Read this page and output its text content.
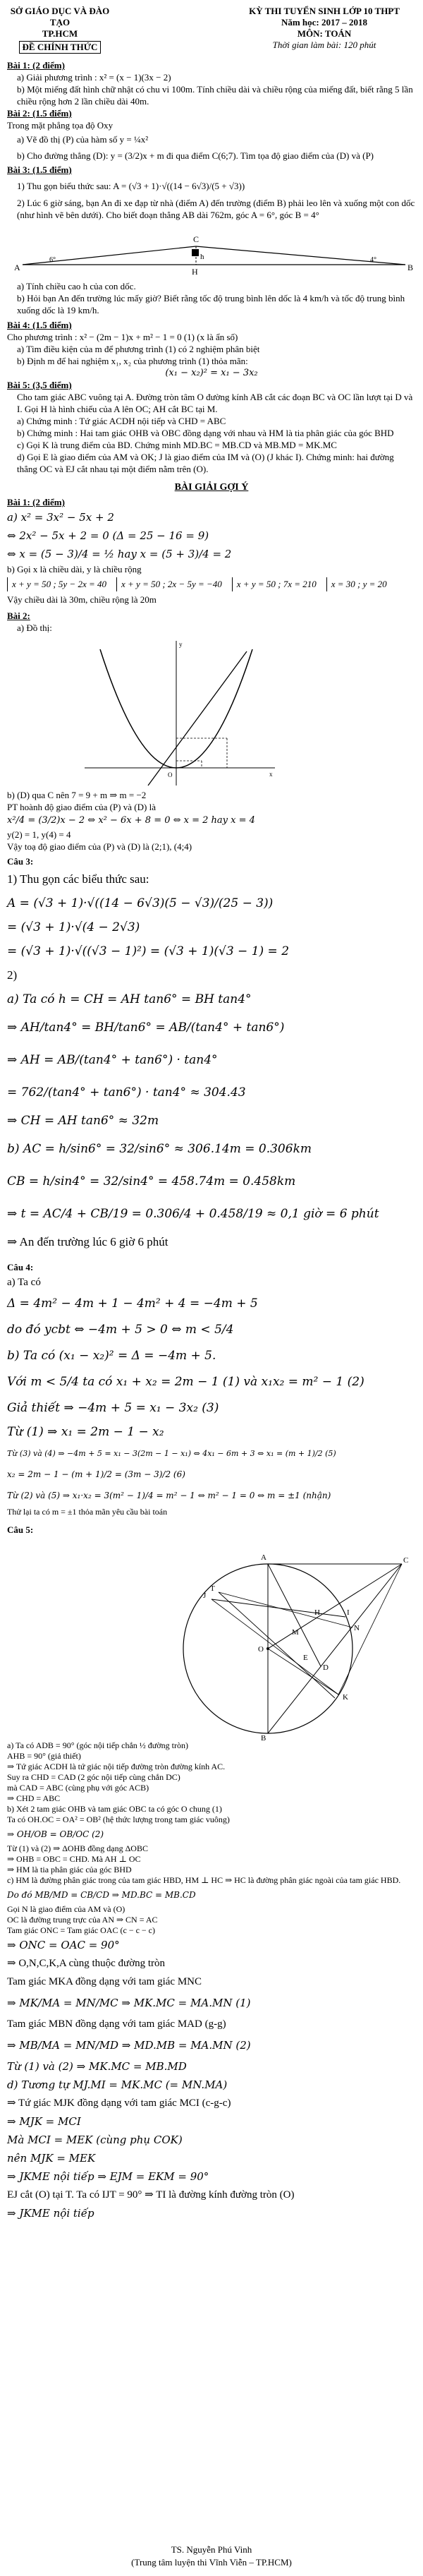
SỞ GIÁO DỤC VÀ ĐÀO TẠO
TP.HCM
ĐỀ CHÍNH THỨC
KỲ THI TUYỂN SINH LỚP 10 THPT
Năm học: 2017 – 2018
MÔN: TOÁN
Thời gian làm bài: 120 phút
Bài 1: (2 điểm)
a) Giải phương trình : x² = (x − 1)(3x − 2)
b) Một miếng đất hình chữ nhật có chu vi 100m. Tính chiều dài và chiều rộng của miếng đất, biết rằng 5 lần chiều rộng hơn 2 lần chiều dài 40m.
Bài 2: (1.5 điểm)
Trong mặt phẳng tọa độ Oxy
a) Vẽ đồ thị (P) của hàm số y = ¼x²
b) Cho đường thẳng (D): y = (3/2)x + m đi qua điểm C(6;7). Tìm tọa độ giao điểm của (D) và (P)
Bài 3: (1.5 điểm)
1) Thu gọn biểu thức sau: A = (√3 + 1)·√((14 − 6√3)/(5 + √3))
2) Lúc 6 giờ sáng, bạn An đi xe đạp từ nhà (điểm A) đến trường (điểm B) phải leo lên và xuống một con dốc (như hình vẽ bên dưới). Cho biết đoạn thẳng AB dài 762m, góc A = 6°, góc B = 4°
C
h
H
A	B
6°	4°
a) Tính chiều cao h của con dốc.
b) Hỏi bạn An đến trường lúc mấy giờ? Biết rằng tốc độ trung bình lên dốc là 4 km/h và tốc độ trung bình xuống dốc là 19 km/h.
Bài 4: (1.5 điểm)
Cho phương trình : x² − (2m − 1)x + m² − 1 = 0 (1) (x là ẩn số)
a) Tìm điều kiện của m để phương trình (1) có 2 nghiệm phân biệt
b) Định m để hai nghiệm x₁, x₂ của phương trình (1) thỏa mãn:
(x₁ − x₂)² = x₁ − 3x₂
Bài 5: (3,5 điểm)
Cho tam giác ABC vuông tại A. Đường tròn tâm O đường kính AB cắt các đoạn BC và OC lần lượt tại D và I. Gọi H là hình chiếu của A lên OC; AH cắt BC tại M.
a) Chứng minh : Tứ giác ACDH nội tiếp và CHD = ABC
b) Chứng minh : Hai tam giác OHB và OBC đồng dạng với nhau và HM là tia phân giác của góc BHD
c) Gọi K là trung điểm của BD. Chứng minh MD.BC = MB.CD và MB.MD = MK.MC
d) Gọi E là giao điểm của AM và OK; J là giao điểm của IM và (O) (J khác I). Chứng minh: hai đường thẳng OC và EJ cắt nhau tại một điểm nằm trên (O).
BÀI GIẢI GỢI Ý
Bài 1: (2 điểm)
a) x² = 3x² − 5x + 2
⇔ 2x² − 5x + 2 = 0 (Δ = 25 − 16 = 9)
⇔ x = (5 − 3)/4 = ½ hay x = (5 + 3)/4 = 2
b) Gọi x là chiều dài, y là chiều rộng
x + y = 50 ; 5y − 2x = 40	x + y = 50 ; 2x − 5y = −40	x + y = 50 ; 7x = 210	x = 30 ; y = 20
Vậy chiều dài là 30m, chiều rộng là 20m
Bài 2:
a) Đồ thị:
O	x
y
b) (D) qua C nên 7 = 9 + m ⇒ m = −2
PT hoành độ giao điểm của (P) và (D) là
x²/4 = (3/2)x − 2 ⇔ x² − 6x + 8 = 0 ⇔ x = 2 hay x = 4
y(2) = 1, y(4) = 4
Vậy toạ độ giao điểm của (P) và (D) là (2;1), (4;4)
Câu 3:
1) Thu gọn các biểu thức sau:
A = (√3 + 1)·√((14 − 6√3)(5 − √3)/(25 − 3))
= (√3 + 1)·√(4 − 2√3)
= (√3 + 1)·√((√3 − 1)²) = (√3 + 1)(√3 − 1) = 2
2)
a) Ta có h = CH = AH tan6° = BH tan4°
⇒ AH/tan4° = BH/tan6° = AB/(tan4° + tan6°)
⇒ AH = AB/(tan4° + tan6°) · tan4°
= 762/(tan4° + tan6°) · tan4° ≈ 304.43
⇒ CH = AH tan6° ≈ 32m
b) AC = h/sin6° = 32/sin6° ≈ 306.14m = 0.306km
CB = h/sin4° = 32/sin4° = 458.74m = 0.458km
⇒ t = AC/4 + CB/19 = 0.306/4 + 0.458/19 ≈ 0,1 giờ = 6 phút
⇒ An đến trường lúc 6 giờ 6 phút
Câu 4:
a) Ta có
Δ = 4m² − 4m + 1 − 4m² + 4 = −4m + 5
do đó ycbt ⇔ −4m + 5 > 0 ⇔ m < 5/4
b) Ta có (x₁ − x₂)² = Δ = −4m + 5.
Với m < 5/4 ta có x₁ + x₂ = 2m − 1 (1) và x₁x₂ = m² − 1 (2)
Giả thiết ⇒ −4m + 5 = x₁ − 3x₂ (3)
Từ (1) ⇒ x₁ = 2m − 1 − x₂
Từ (3) và (4) ⇒ −4m + 5 = x₁ − 3(2m − 1 − x₁) ⇔ 4x₁ − 6m + 3 ⇔ x₁ = (m + 1)/2 (5)
x₂ = 2m − 1 − (m + 1)/2 = (3m − 3)/2 (6)
Từ (2) và (5) ⇒ x₁·x₂ = 3(m² − 1)/4 = m² − 1 ⇔ m² − 1 = 0 ⇔ m = ±1 (nhận)
Thử lại ta có m = ±1 thỏa mãn yêu cầu bài toán
Câu 5:
A	C
B
O
D
H
K
I
J
M	N
T
E
a) Ta có ADB = 90° (góc nội tiếp chắn ½ đường tròn)
AHB = 90° (giả thiết)
⇒ Tứ giác ACDH là tứ giác nội tiếp đường tròn đường kính AC.
Suy ra CHD = CAD (2 góc nội tiếp cùng chắn DC)
mà CAD = ABC (cùng phụ với góc ACB)
⇒ CHD = ABC
b) Xét 2 tam giác OHB và tam giác OBC ta có góc O chung (1)
Ta có OH.OC = OA² = OB² (hệ thức lượng trong tam giác vuông)
⇒ OH/OB = OB/OC (2)
Từ (1) và (2) ⇒ ΔOHB đồng dạng ΔOBC
⇒ OHB = OBC = CHD. Mà AH ⊥ OC
⇒ HM là tia phân giác của góc BHD
c) HM là đường phân giác trong của tam giác HBD, HM ⊥ HC ⇒ HC là đường phân giác ngoài của tam giác HBD.
Do đó MB/MD = CB/CD ⇒ MD.BC = MB.CD
Gọi N là giao điểm của AM và (O)
OC là đường trung trực của AN ⇒ CN = AC
Tam giác ONC = Tam giác OAC (c − c − c)
⇒ ONC = OAC = 90°
⇒ O,N,C,K,A cùng thuộc đường tròn
Tam giác MKA đồng dạng với tam giác MNC
⇒ MK/MA = MN/MC ⇒ MK.MC = MA.MN (1)
Tam giác MBN đồng dạng với tam giác MAD (g-g)
⇒ MB/MA = MN/MD ⇒ MD.MB = MA.MN (2)
Từ (1) và (2) ⇒ MK.MC = MB.MD
d) Tương tự MJ.MI = MK.MC (= MN.MA)
⇒ Tứ giác MJK đồng dạng với tam giác MCI (c-g-c)
⇒ MJK = MCI
Mà MCI = MEK (cùng phụ COK)
nên MJK = MEK
⇒ JKME nội tiếp ⇒ EJM = EKM = 90°
EJ cắt (O) tại T. Ta có IJT = 90° ⇒ TI là đường kính đường tròn (O)
⇒ JKME nội tiếp
TS. Nguyễn Phú Vinh
(Trung tâm luyện thi Vĩnh Viễn – TP.HCM)
